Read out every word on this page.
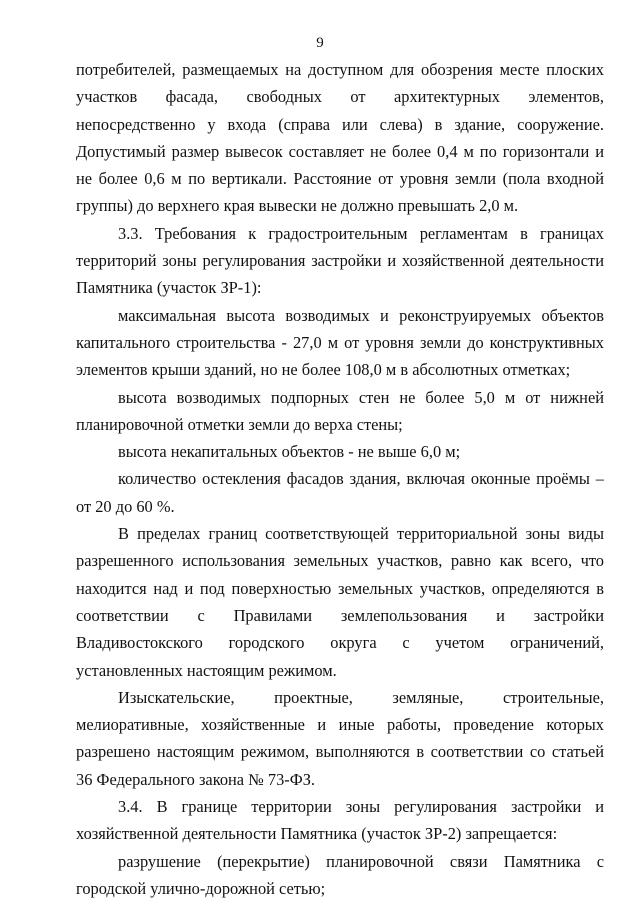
9

потребителей, размещаемых на доступном для обозрения месте плоских участков фасада, свободных от архитектурных элементов, непосредственно у входа (справа или слева) в здание, сооружение. Допустимый размер вывесок составляет не более 0,4 м по горизонтали и не более 0,6 м по вертикали. Расстояние от уровня земли (пола входной группы) до верхнего края вывески не должно превышать 2,0 м.

3.3. Требования к градостроительным регламентам в границах территорий зоны регулирования застройки и хозяйственной деятельности Памятника (участок ЗР-1):

максимальная высота возводимых и реконструируемых объектов капитального строительства - 27,0 м от уровня земли до конструктивных элементов крыши зданий, но не более 108,0 м в абсолютных отметках;

высота возводимых подпорных стен не более 5,0 м от нижней планировочной отметки земли до верха стены;

высота некапитальных объектов - не выше 6,0 м;

количество остекления фасадов здания, включая оконные проёмы – от 20 до 60 %.

В пределах границ соответствующей территориальной зоны виды разрешенного использования земельных участков, равно как всего, что находится над и под поверхностью земельных участков, определяются в соответствии с Правилами землепользования и застройки Владивостокского городского округа с учетом ограничений, установленных настоящим режимом.

Изыскательские, проектные, земляные, строительные, мелиоративные, хозяйственные и иные работы, проведение которых разрешено настоящим режимом, выполняются в соответствии со статьей 36 Федерального закона № 73-ФЗ.

3.4. В границе территории зоны регулирования застройки и хозяйственной деятельности Памятника (участок ЗР-2) запрещается:

разрушение (перекрытие) планировочной связи Памятника с городской улично-дорожной сетью;
